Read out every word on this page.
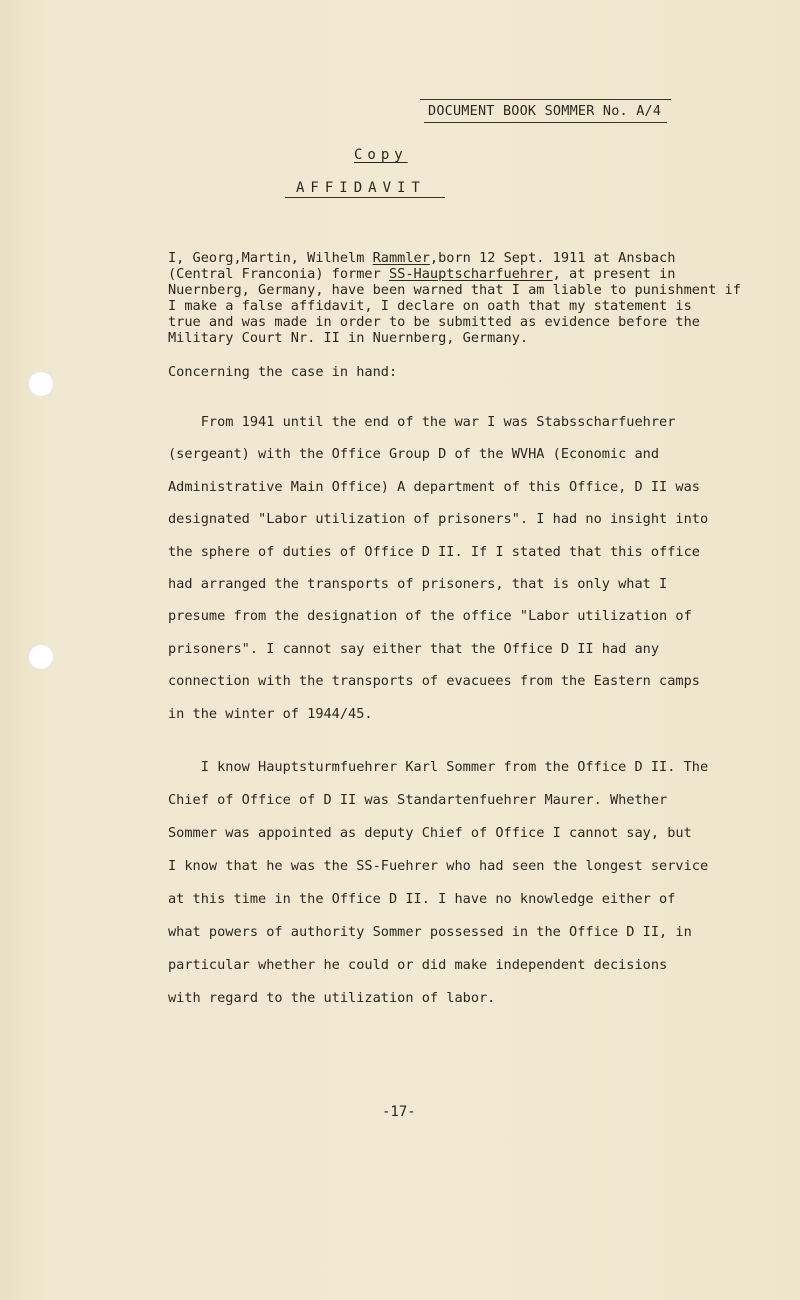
DOCUMENT BOOK SOMMER No. A/4
Copy
AFFIDAVIT
I, Georg,Martin, Wilhelm Rammler,born 12 Sept. 1911 at Ansbach
(Central Franconia) former SS-Hauptscharfuehrer, at present in
Nuernberg, Germany, have been warned that I am liable to punishment if
I make a false affidavit, I declare on oath that my statement is
true and was made in order to be submitted as evidence before the
Military Court Nr. II in Nuernberg, Germany.
Concerning the case in hand:
From 1941 until the end of the war I was Stabsscharfuehrer
(sergeant) with the Office Group D of the WVHA (Economic and
Administrative Main Office) A department of this Office, D II was
designated "Labor utilization of prisoners". I had no insight into
the sphere of duties of Office D II. If I stated that this office
had arranged the transports of prisoners, that is only what I
presume from the designation of the office "Labor utilization of
prisoners". I cannot say either that the Office D II had any
connection with the transports of evacuees from the Eastern camps
in the winter of 1944/45.
I know Hauptsturmfuehrer Karl Sommer from the Office D II. The
Chief of Office of D II was Standartenfuehrer Maurer. Whether
Sommer was appointed as deputy Chief of Office I cannot say, but
I know that he was the SS-Fuehrer who had seen the longest service
at this time in the Office D II. I have no knowledge either of
what powers of authority Sommer possessed in the Office D II, in
particular whether he could or did make independent decisions
with regard to the utilization of labor.
-17-
